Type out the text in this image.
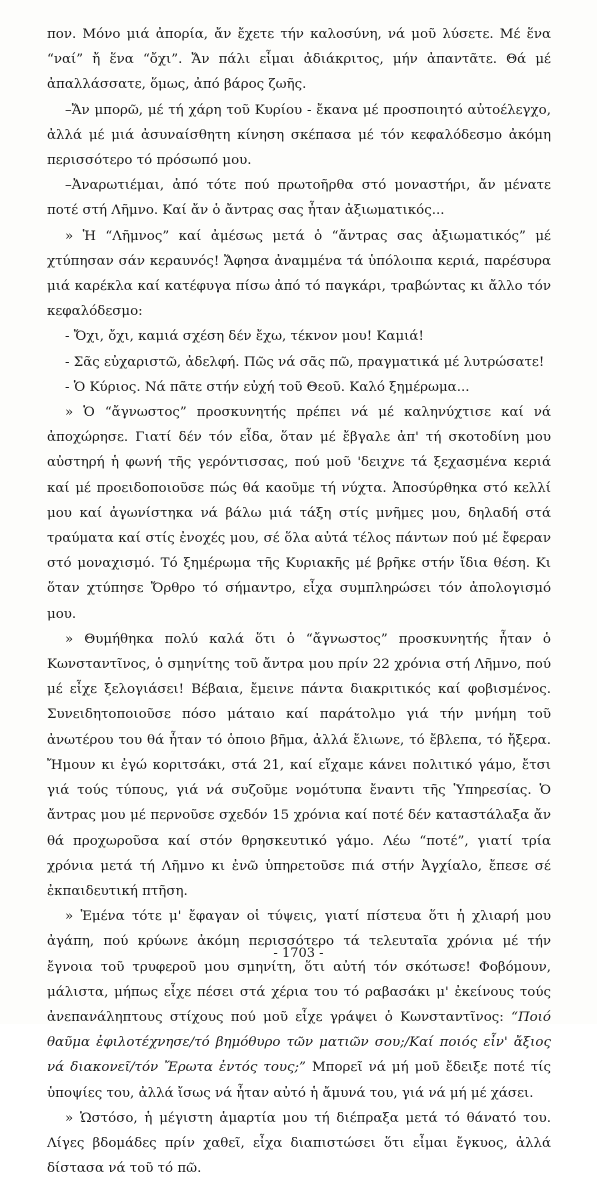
πον. Μόνο μιά ἀπορία, ἄν ἔχετε τήν καλοσύνη, νά μοῦ λύσετε. Μέ ἕνα “ναί” ἤ ἕνα “ὄχι”. Ἄν πάλι εἶμαι ἀδιάκριτος, μήν ἀπαντᾶτε. Θά μέ ἀπαλλάσσατε, ὅμως, ἀπό βάρος ζωῆς.

–Ἄν μπορῶ, μέ τή χάρη τοῦ Κυρίου - ἔκανα μέ προσποιητό αὐτοέλεγχο, ἀλλά μέ μιά ἀσυναίσθητη κίνηση σκέπασα μέ τόν κεφαλόδεσμο ἀκόμη περισσότερο τό πρόσωπό μου.

–Ἀναρωτιέμαι, ἀπό τότε πού πρωτοῆρθα στό μοναστήρι, ἄν μένατε ποτέ στή Λῆμνο. Καί ἄν ὁ ἄντρας σας ἦταν ἀξιωματικός...

» Ἡ “Λῆμνος” καί ἀμέσως μετά ὁ “ἄντρας σας ἀξιωματικός” μέ χτύπησαν σάν κεραυνός! Ἄφησα ἀναμμένα τά ὑπόλοιπα κεριά, παρέσυρα μιά καρέκλα καί κατέφυγα πίσω ἀπό τό παγκάρι, τραβώντας κι ἄλλο τόν κεφαλόδεσμο:

- Ὄχι, ὄχι, καμιά σχέση δέν ἔχω, τέκνον μου! Καμιά!

- Σᾶς εὐχαριστῶ, ἀδελφή. Πῶς νά σᾶς πῶ, πραγματικά μέ λυτρώσατε!

- Ὁ Κύριος. Νά πᾶτε στήν εὐχή τοῦ Θεοῦ. Καλό ξημέρωμα...

» Ὁ “ἄγνωστος” προσκυνητής πρέπει νά μέ καληνύχτισε καί νά ἀποχώρησε. Γιατί δέν τόν εἶδα, ὅταν μέ ἔβγαλε ἀπ' τή σκοτοδίνη μου αὐστηρή ἡ φωνή τῆς γερόντισσας, πού μοῦ 'δειχνε τά ξεχασμένα κεριά καί μέ προειδοποιοῦσε πώς θά καοῦμε τή νύχτα. Ἀποσύρθηκα στό κελλί μου καί ἀγωνίστηκα νά βάλω μιά τάξη στίς μνῆμες μου, δηλαδή στά τραύματα καί στίς ἐνοχές μου, σέ ὅλα αὐτά τέλος πάντων πού μέ ἔφεραν στό μοναχισμό. Τό ξημέρωμα τῆς Κυριακῆς μέ βρῆκε στήν ἴδια θέση. Κι ὅταν χτύπησε Ὄρθρο τό σήμαντρο, εἶχα συμπληρώσει τόν ἀπολογισμό μου.

» Θυμήθηκα πολύ καλά ὅτι ὁ “ἄγνωστος” προσκυνητής ἦταν ὁ Κωνσταντῖνος, ὁ σμηνίτης τοῦ ἄντρα μου πρίν 22 χρόνια στή Λῆμνο, πού μέ εἶχε ξελογιάσει! Βέβαια, ἔμεινε πάντα διακριτικός καί φοβισμένος. Συνειδητοποιοῦσε πόσο μάταιο καί παράτολμο γιά τήν μνήμη τοῦ ἀνωτέρου του θά ἦταν τό ὁποιο βῆμα, ἀλλά ἔλιωνε, τό ἔβλεπα, τό ἤξερα. Ἤμουν κι ἐγώ κοριτσάκι, στά 21, καί εἴχαμε κάνει πολιτικό γάμο, ἔτσι γιά τούς τύπους, γιά νά συζοῦμε νομότυπα ἔναντι τῆς Ὑπηρεσίας. Ὁ ἄντρας μου μέ περνοῦσε σχεδόν 15 χρόνια καί ποτέ δέν καταστάλαξα ἄν θά προχωροῦσα καί στόν θρησκευτικό γάμο. Λέω “ποτέ”, γιατί τρία χρόνια μετά τή Λῆμνο κι ἐνῶ ὑπηρετοῦσε πιά στήν Ἀγχίαλο, ἔπεσε σέ ἐκπαιδευτική πτῆση.

» Ἐμένα τότε μ' ἔφαγαν οἱ τύψεις, γιατί πίστευα ὅτι ἡ χλιαρή μου ἀγάπη, πού κρύωνε ἀκόμη περισσότερο τά τελευταῖα χρόνια μέ τήν ἔγνοια τοῦ τρυφεροῦ μου σμηνίτη, ὅτι αὐτή τόν σκότωσε! Φοβόμουν, μάλιστα, μήπως εἶχε πέσει στά χέρια του τό ραβασάκι μ' ἐκείνους τούς ἀνεπανάληπτους στίχους πού μοῦ εἶχε γράψει ὁ Κωνσταντῖνος: “Ποιό θαῦμα ἐφιλοτέχνησε/τό βημόθυρο τῶν ματιῶν σου;/Καί ποιός εἶν' ἄξιος νά διακονεῖ/τόν Ἔρωτα ἐντός τους;” Μπορεῖ νά μή μοῦ ἔδειξε ποτέ τίς ὑποψίες του, ἀλλά ἴσως νά ἦταν αὐτό ἡ ἄμυνά του, γιά νά μή μέ χάσει.

» Ὡστόσο, ἡ μέγιστη ἁμαρτία μου τή διέπραξα μετά τό θάνατό του. Λίγες βδομάδες πρίν χαθεῖ, εἶχα διαπιστώσει ὅτι εἶμαι ἔγκυος, ἀλλά δίστασα νά τοῦ τό πῶ.

- 1703 -
